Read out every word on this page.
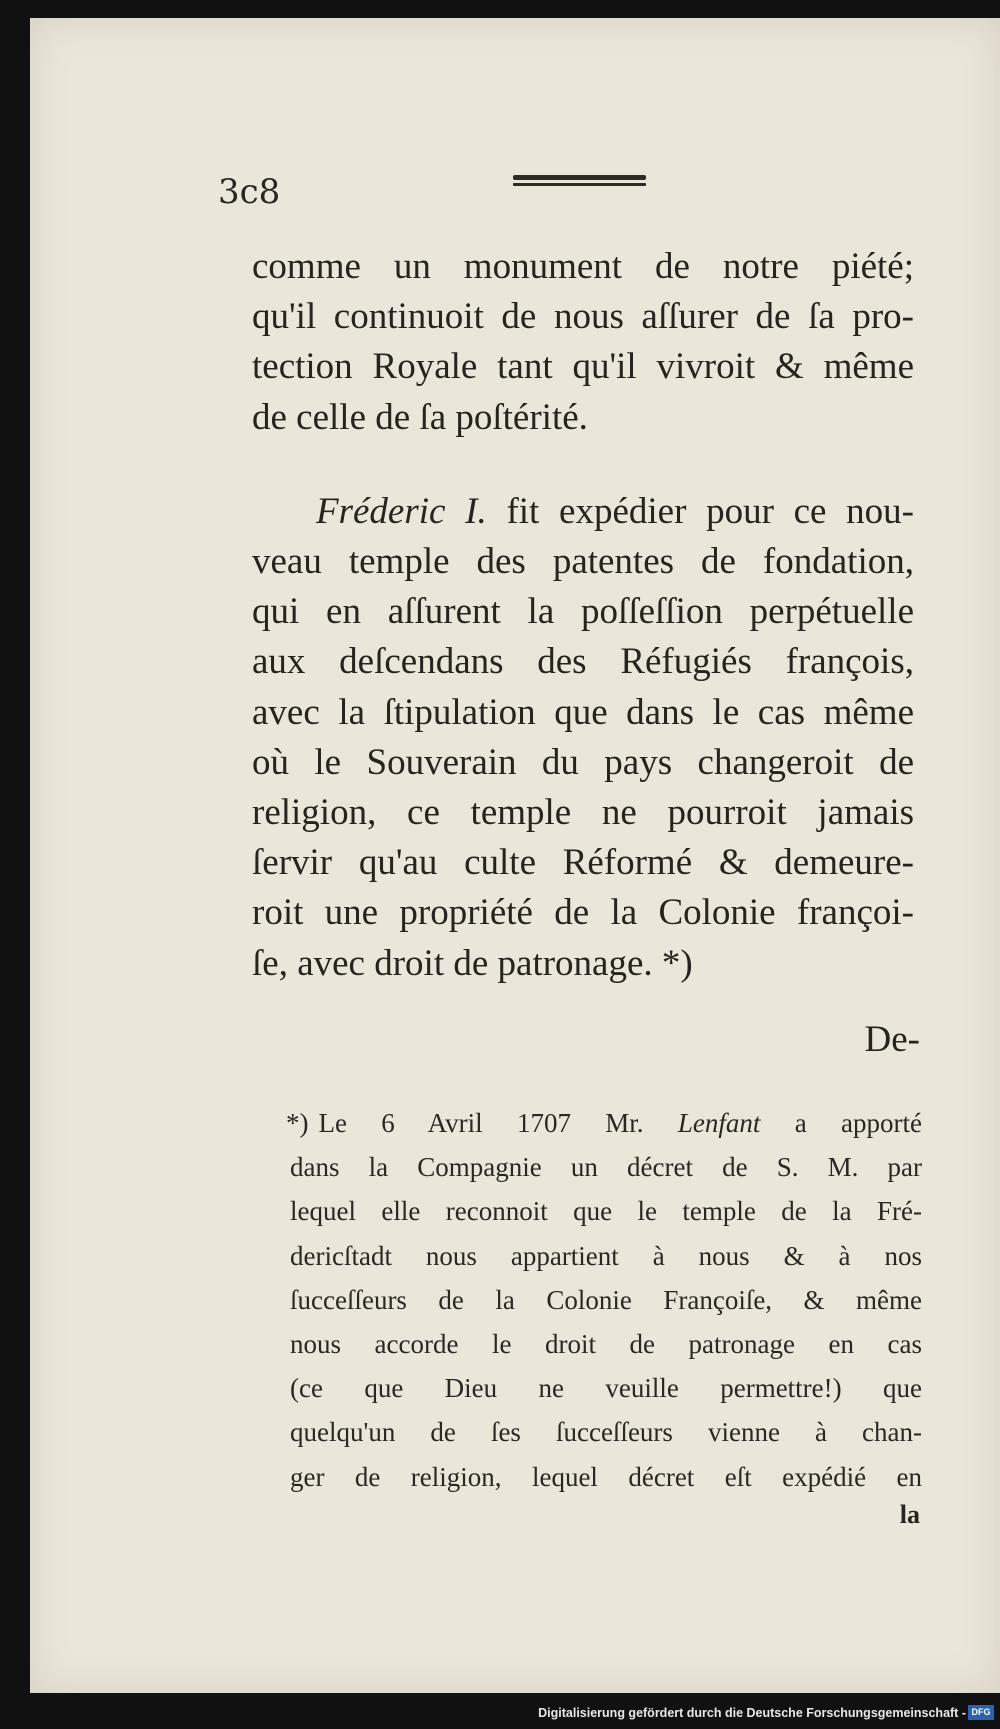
3c8
comme un monument de notre piété;
qu'il continuoit de nous aſſurer de ſa pro-
tection Royale tant qu'il vivroit & même
de celle de ſa poſtérité.
Fréderic I. fit expédier pour ce nou-
veau temple des patentes de fondation,
qui en aſſurent la poſſeſſion perpétuelle
aux deſcendans des Réfugiés françois,
avec la ſtipulation que dans le cas même
où le Souverain du pays changeroit de
religion, ce temple ne pourroit jamais
ſervir qu'au culte Réformé & demeure-
roit une propriété de la Colonie françoi-
ſe, avec droit de patronage. *)
De-
*) Le 6 Avril 1707 Mr. Lenfant a apporté
dans la Compagnie un décret de S. M. par
lequel elle reconnoit que le temple de la Fré-
dericſtadt nous appartient à nous & à nos
ſucceſſeurs de la Colonie Françoiſe, & même
nous accorde le droit de patronage en cas
(ce que Dieu ne veuille permettre!) que
quelqu'un de ſes ſucceſſeurs vienne à chan-
ger de religion, lequel décret eſt expédié en
la
Digitalisierung gefördert durch die Deutsche Forschungsgemeinschaft - DFG
